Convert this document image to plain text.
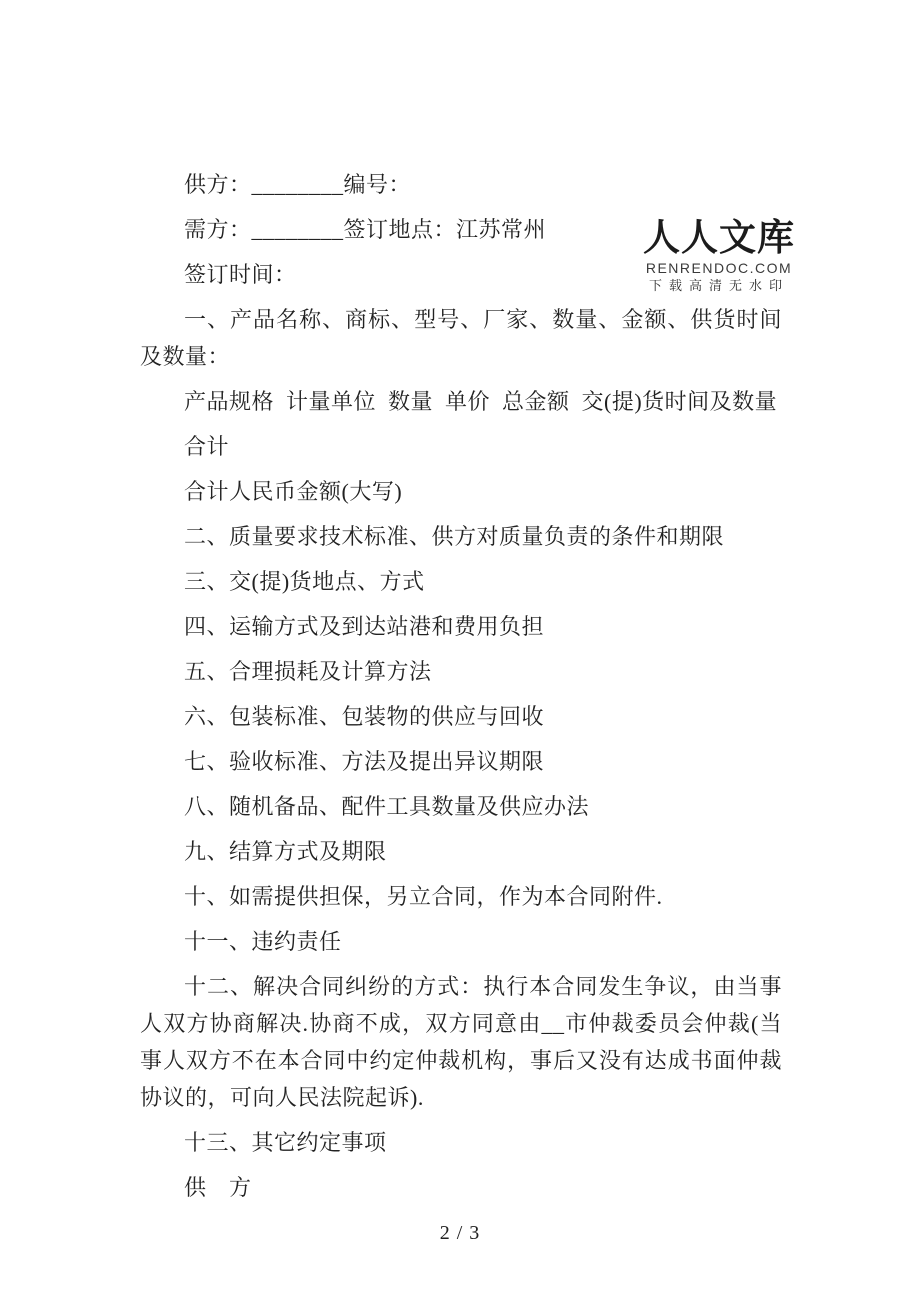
人人文库
RENRENDOC.COM
下载高清无水印

供方：________编号：

需方：________签订地点：江苏常州

签订时间：

一、产品名称、商标、型号、厂家、数量、金额、供货时间及数量：

产品规格  计量单位  数量  单价  总金额  交(提)货时间及数量

合计

合计人民币金额(大写)

二、质量要求技术标准、供方对质量负责的条件和期限

三、交(提)货地点、方式

四、运输方式及到达站港和费用负担

五、合理损耗及计算方法

六、包装标准、包装物的供应与回收

七、验收标准、方法及提出异议期限

八、随机备品、配件工具数量及供应办法

九、结算方式及期限

十、如需提供担保，另立合同，作为本合同附件.

十一、违约责任

十二、解决合同纠纷的方式：执行本合同发生争议，由当事人双方协商解决.协商不成，双方同意由__市仲裁委员会仲裁(当事人双方不在本合同中约定仲裁机构，事后又没有达成书面仲裁协议的，可向人民法院起诉).

十三、其它约定事项

供　方

2 / 3
